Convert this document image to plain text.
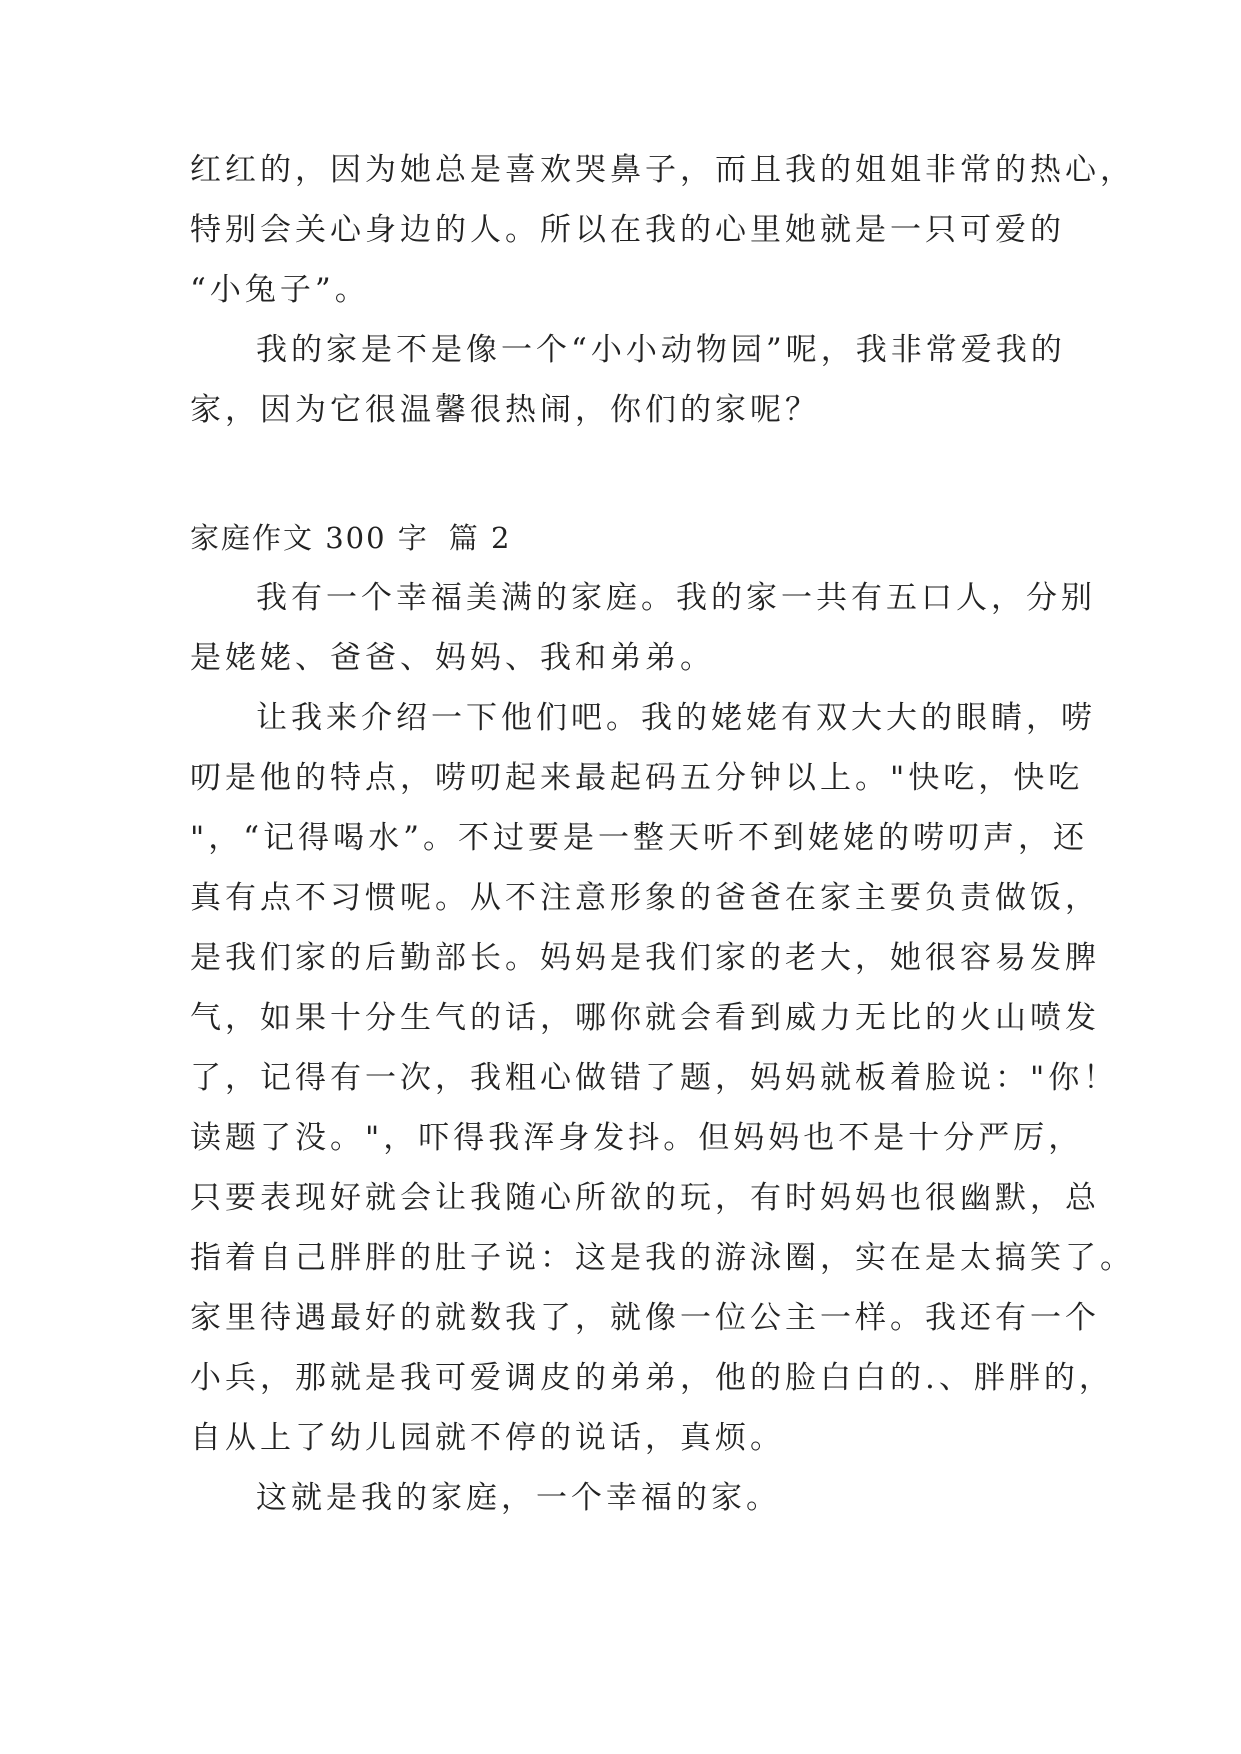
红红的，因为她总是喜欢哭鼻子，而且我的姐姐非常的热心，
特别会关心身边的人。所以在我的心里她就是一只可爱的
“小兔子”。
我的家是不是像一个“小小动物园”呢，我非常爱我的
家，因为它很温馨很热闹，你们的家呢？
家庭作文 300 字 篇 2
我有一个幸福美满的家庭。我的家一共有五口人，分别
是姥姥、爸爸、妈妈、我和弟弟。
让我来介绍一下他们吧。我的姥姥有双大大的眼睛，唠
叨是他的特点，唠叨起来最起码五分钟以上。"快吃，快吃
"，“记得喝水”。不过要是一整天听不到姥姥的唠叨声，还
真有点不习惯呢。从不注意形象的爸爸在家主要负责做饭，
是我们家的后勤部长。妈妈是我们家的老大，她很容易发脾
气，如果十分生气的话，哪你就会看到威力无比的火山喷发
了，记得有一次，我粗心做错了题，妈妈就板着脸说："你！
读题了没。"，吓得我浑身发抖。但妈妈也不是十分严厉，
只要表现好就会让我随心所欲的玩，有时妈妈也很幽默，总
指着自己胖胖的肚子说：这是我的游泳圈，实在是太搞笑了。
家里待遇最好的就数我了，就像一位公主一样。我还有一个
小兵，那就是我可爱调皮的弟弟，他的脸白白的.、胖胖的，
自从上了幼儿园就不停的说话，真烦。
这就是我的家庭，一个幸福的家。
